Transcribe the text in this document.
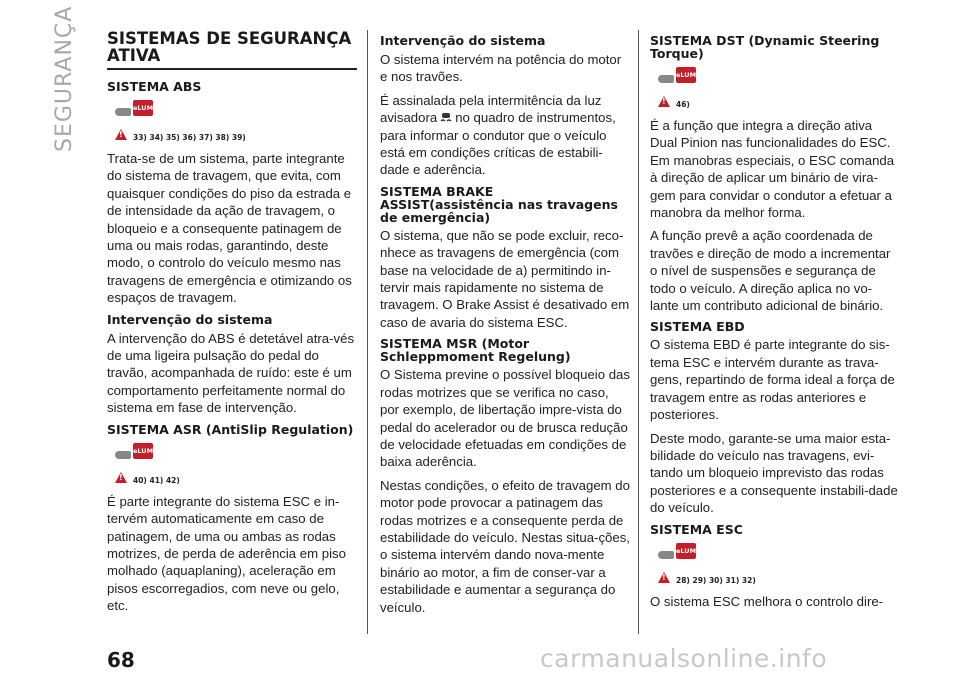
SEGURANÇA SISTEMAS DE SEGURANÇA ATIVA
SISTEMA ABS
eLUM
!
33) 34) 35) 36) 37) 38) 39)

Trata-se de um sistema, parte integrante do sistema de travagem, que evita, com quaisquer condições do piso da estrada e de intensidade da ação de travagem, o bloqueio e a consequente patinagem de uma ou mais rodas, garantindo, deste modo, o controlo do veículo mesmo nas travagens de emergência e otimizando os espaços de travagem.

Intervenção do sistema

A intervenção do ABS é detetável atra-vés de uma ligeira pulsação do pedal do travão, acompanhada de ruído: este é um comportamento perfeitamente normal do sistema em fase de intervenção.

SISTEMA ASR (AntiSlip Regulation)
eLUM
!
40) 41) 42)

É parte integrante do sistema ESC e in-tervém automaticamente em caso de patinagem, de uma ou ambas as rodas motrizes, de perda de aderência em piso molhado (aquaplaning), aceleração em pisos escorregadios, com neve ou gelo, etc.

Intervenção do sistema

O sistema intervém na potência do motor e nos travões.

É assinalada pela intermitência da luz avisadora no quadro de instrumentos, para informar o condutor que o veículo está em condições críticas de estabili-dade e aderência.

SISTEMA BRAKE ASSIST(assistência nas travagens de emergência)

O sistema, que não se pode excluir, reco-nhece as travagens de emergência (com base na velocidade de a) permitindo in-tervir mais rapidamente no sistema de travagem. O Brake Assist é desativado em caso de avaria do sistema ESC.

SISTEMA MSR (Motor Schleppmoment Regelung)

O Sistema previne o possível bloqueio das rodas motrizes que se verifica no caso, por exemplo, de libertação impre-vista do pedal do acelerador ou de brusca redução de velocidade efetuadas em condições de baixa aderência.

Nestas condições, o efeito de travagem do motor pode provocar a patinagem das rodas motrizes e a consequente perda de estabilidade do veículo. Nestas situa-ções, o sistema intervém dando nova-mente binário ao motor, a fim de conser-var a estabilidade e aumentar a segurança do veículo.

SISTEMA DST (Dynamic Steering Torque)
eLUM
!
46)

É a função que integra a direção ativa Dual Pinion nas funcionalidades do ESC. Em manobras especiais, o ESC comanda à direção de aplicar um binário de vira-gem para convidar o condutor a efetuar a manobra da melhor forma.

A função prevê a ação coordenada de travões e direção de modo a incrementar o nível de suspensões e segurança de todo o veículo. A direção aplica no vo-lante um contributo adicional de binário.

SISTEMA EBD

O sistema EBD é parte integrante do sis-tema ESC e intervém durante as trava-gens, repartindo de forma ideal a força de travagem entre as rodas anteriores e posteriores.

Deste modo, garante-se uma maior esta-bilidade do veículo nas travagens, evi-tando um bloqueio imprevisto das rodas posteriores e a consequente instabili-dade do veículo.

SISTEMA ESC
eLUM
!
28) 29) 30) 31) 32)

O sistema ESC melhora o controlo dire-

68	carmanualsonline.info
